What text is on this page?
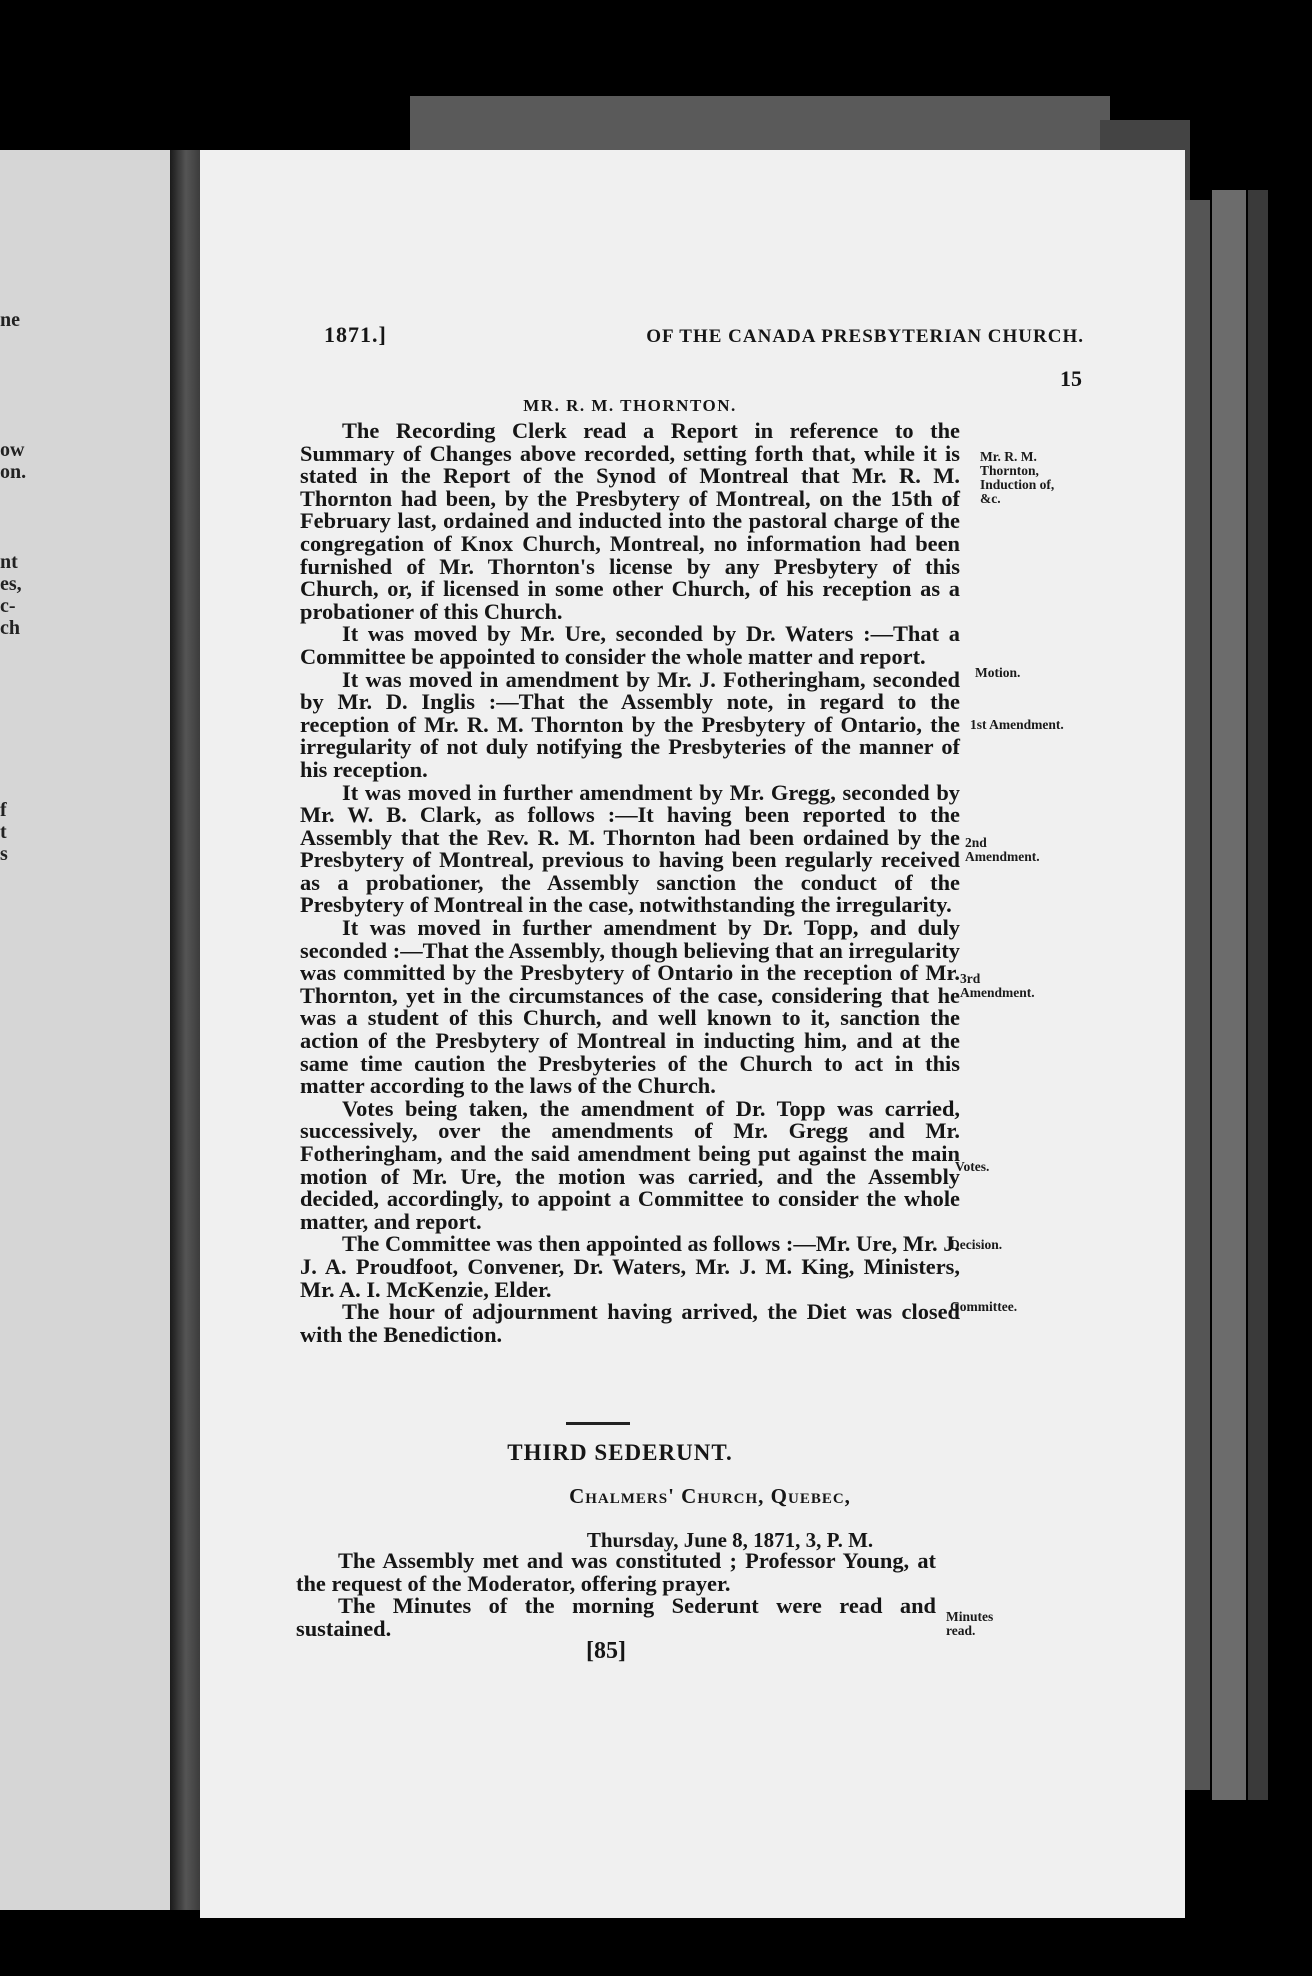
ne
ow
on.
nt
es,
c-
ch
f
t
s
1871.]	OF THE CANADA PRESBYTERIAN CHURCH.
15
MR. R. M. THORNTON.

The Recording Clerk read a Report in reference to the Summary of Changes above recorded, setting forth that, while it is stated in the Report of the Synod of Montreal that Mr. R. M. Thornton had been, by the Presbytery of Montreal, on the 15th of February last, ordained and inducted into the pastoral charge of the congregation of Knox Church, Montreal, no information had been furnished of Mr. Thornton's license by any Presbytery of this Church, or, if licensed in some other Church, of his reception as a probationer of this Church.

It was moved by Mr. Ure, seconded by Dr. Waters :—That a Committee be appointed to consider the whole matter and report.

It was moved in amendment by Mr. J. Fotheringham, seconded by Mr. D. Inglis :—That the Assembly note, in regard to the reception of Mr. R. M. Thornton by the Presbytery of Ontario, the irregularity of not duly notifying the Presbyteries of the manner of his reception.

It was moved in further amendment by Mr. Gregg, seconded by Mr. W. B. Clark, as follows :—It having been reported to the Assembly that the Rev. R. M. Thornton had been ordained by the Presbytery of Montreal, previous to having been regularly received as a probationer, the Assembly sanction the conduct of the Presbytery of Montreal in the case, notwithstanding the irregularity.

It was moved in further amendment by Dr. Topp, and duly seconded :—That the Assembly, though believing that an irregularity was committed by the Presbytery of Ontario in the reception of Mr. Thornton, yet in the circumstances of the case, considering that he was a student of this Church, and well known to it, sanction the action of the Presbytery of Montreal in inducting him, and at the same time caution the Presbyteries of the Church to act in this matter according to the laws of the Church.

Votes being taken, the amendment of Dr. Topp was carried, successively, over the amendments of Mr. Gregg and Mr. Fotheringham, and the said amendment being put against the main motion of Mr. Ure, the motion was carried, and the Assembly decided, accordingly, to appoint a Committee to consider the whole matter, and report.

The Committee was then appointed as follows :—Mr. Ure, Mr. J. J. A. Proudfoot, Convener, Dr. Waters, Mr. J. M. King, Ministers, Mr. A. I. McKenzie, Elder.

The hour of adjournment having arrived, the Diet was closed with the Benediction.

Mr. R. M. Thornton, Induction of, &c.
Motion.
1st Amendment.
2nd Amendment.
3rd Amendment.
Votes.
Decision.
Committee.
THIRD SEDERUNT.
Chalmers' Church, Quebec,
Thursday, June 8, 1871, 3, P. M.

The Assembly met and was constituted ; Professor Young, at the request of the Moderator, offering prayer.

The Minutes of the morning Sederunt were read and sustained.	Minutes read.
[85]
